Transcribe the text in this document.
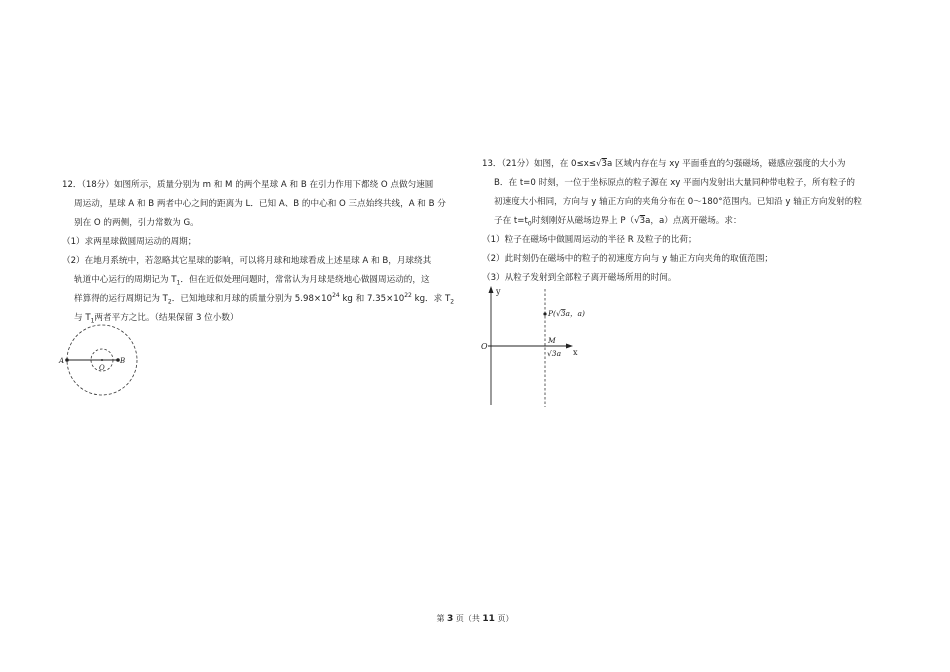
12．（18分）如图所示，质量分别为 m 和 M 的两个星球 A 和 B 在引力作用下都绕 O 点做匀速圆
周运动，星球 A 和 B 两者中心之间的距离为 L．已知 A、B 的中心和 O 三点始终共线，A 和 B 分
别在 O 的两侧，引力常数为 G。
（1）求两星球做圆周运动的周期；
（2）在地月系统中，若忽略其它星球的影响，可以将月球和地球看成上述星球 A 和 B，月球绕其
轨道中心运行的周期记为 $T_1$．但在近似处理问题时，常常认为月球是绕地心做圆周运动的，这
样算得的运行周期记为 $T_2$．已知地球和月球的质量分别为 $5.98\times 10^{24}$ kg 和 $7.35\times 10^{22}$ kg．求 $T_2$
与 $T_1$两者平方之比。（结果保留 3 位小数）
A	B
O
13．（21分）如图，在 0≤x≤√3a 区域内存在与 xy 平面垂直的匀强磁场，磁感应强度的大小为
B．在 t=0 时刻，一位于坐标原点的粒子源在 xy 平面内发射出大量同种带电粒子，所有粒子的
初速度大小相同，方向与 y 轴正方向的夹角分布在 0～180°范围内。已知沿 y 轴正方向发射的粒
子在 $t=t_0$时刻刚好从磁场边界上 P（√3a，a）点离开磁场。求：
（1）粒子在磁场中做圆周运动的半径 R 及粒子的比荷；
（2）此时刻仍在磁场中的粒子的初速度方向与 y 轴正方向夹角的取值范围；
（3）从粒子发射到全部粒子离开磁场所用的时间。
y
x
O
M
P(√3a，a)
√3a
第 3 页（共 11 页）
